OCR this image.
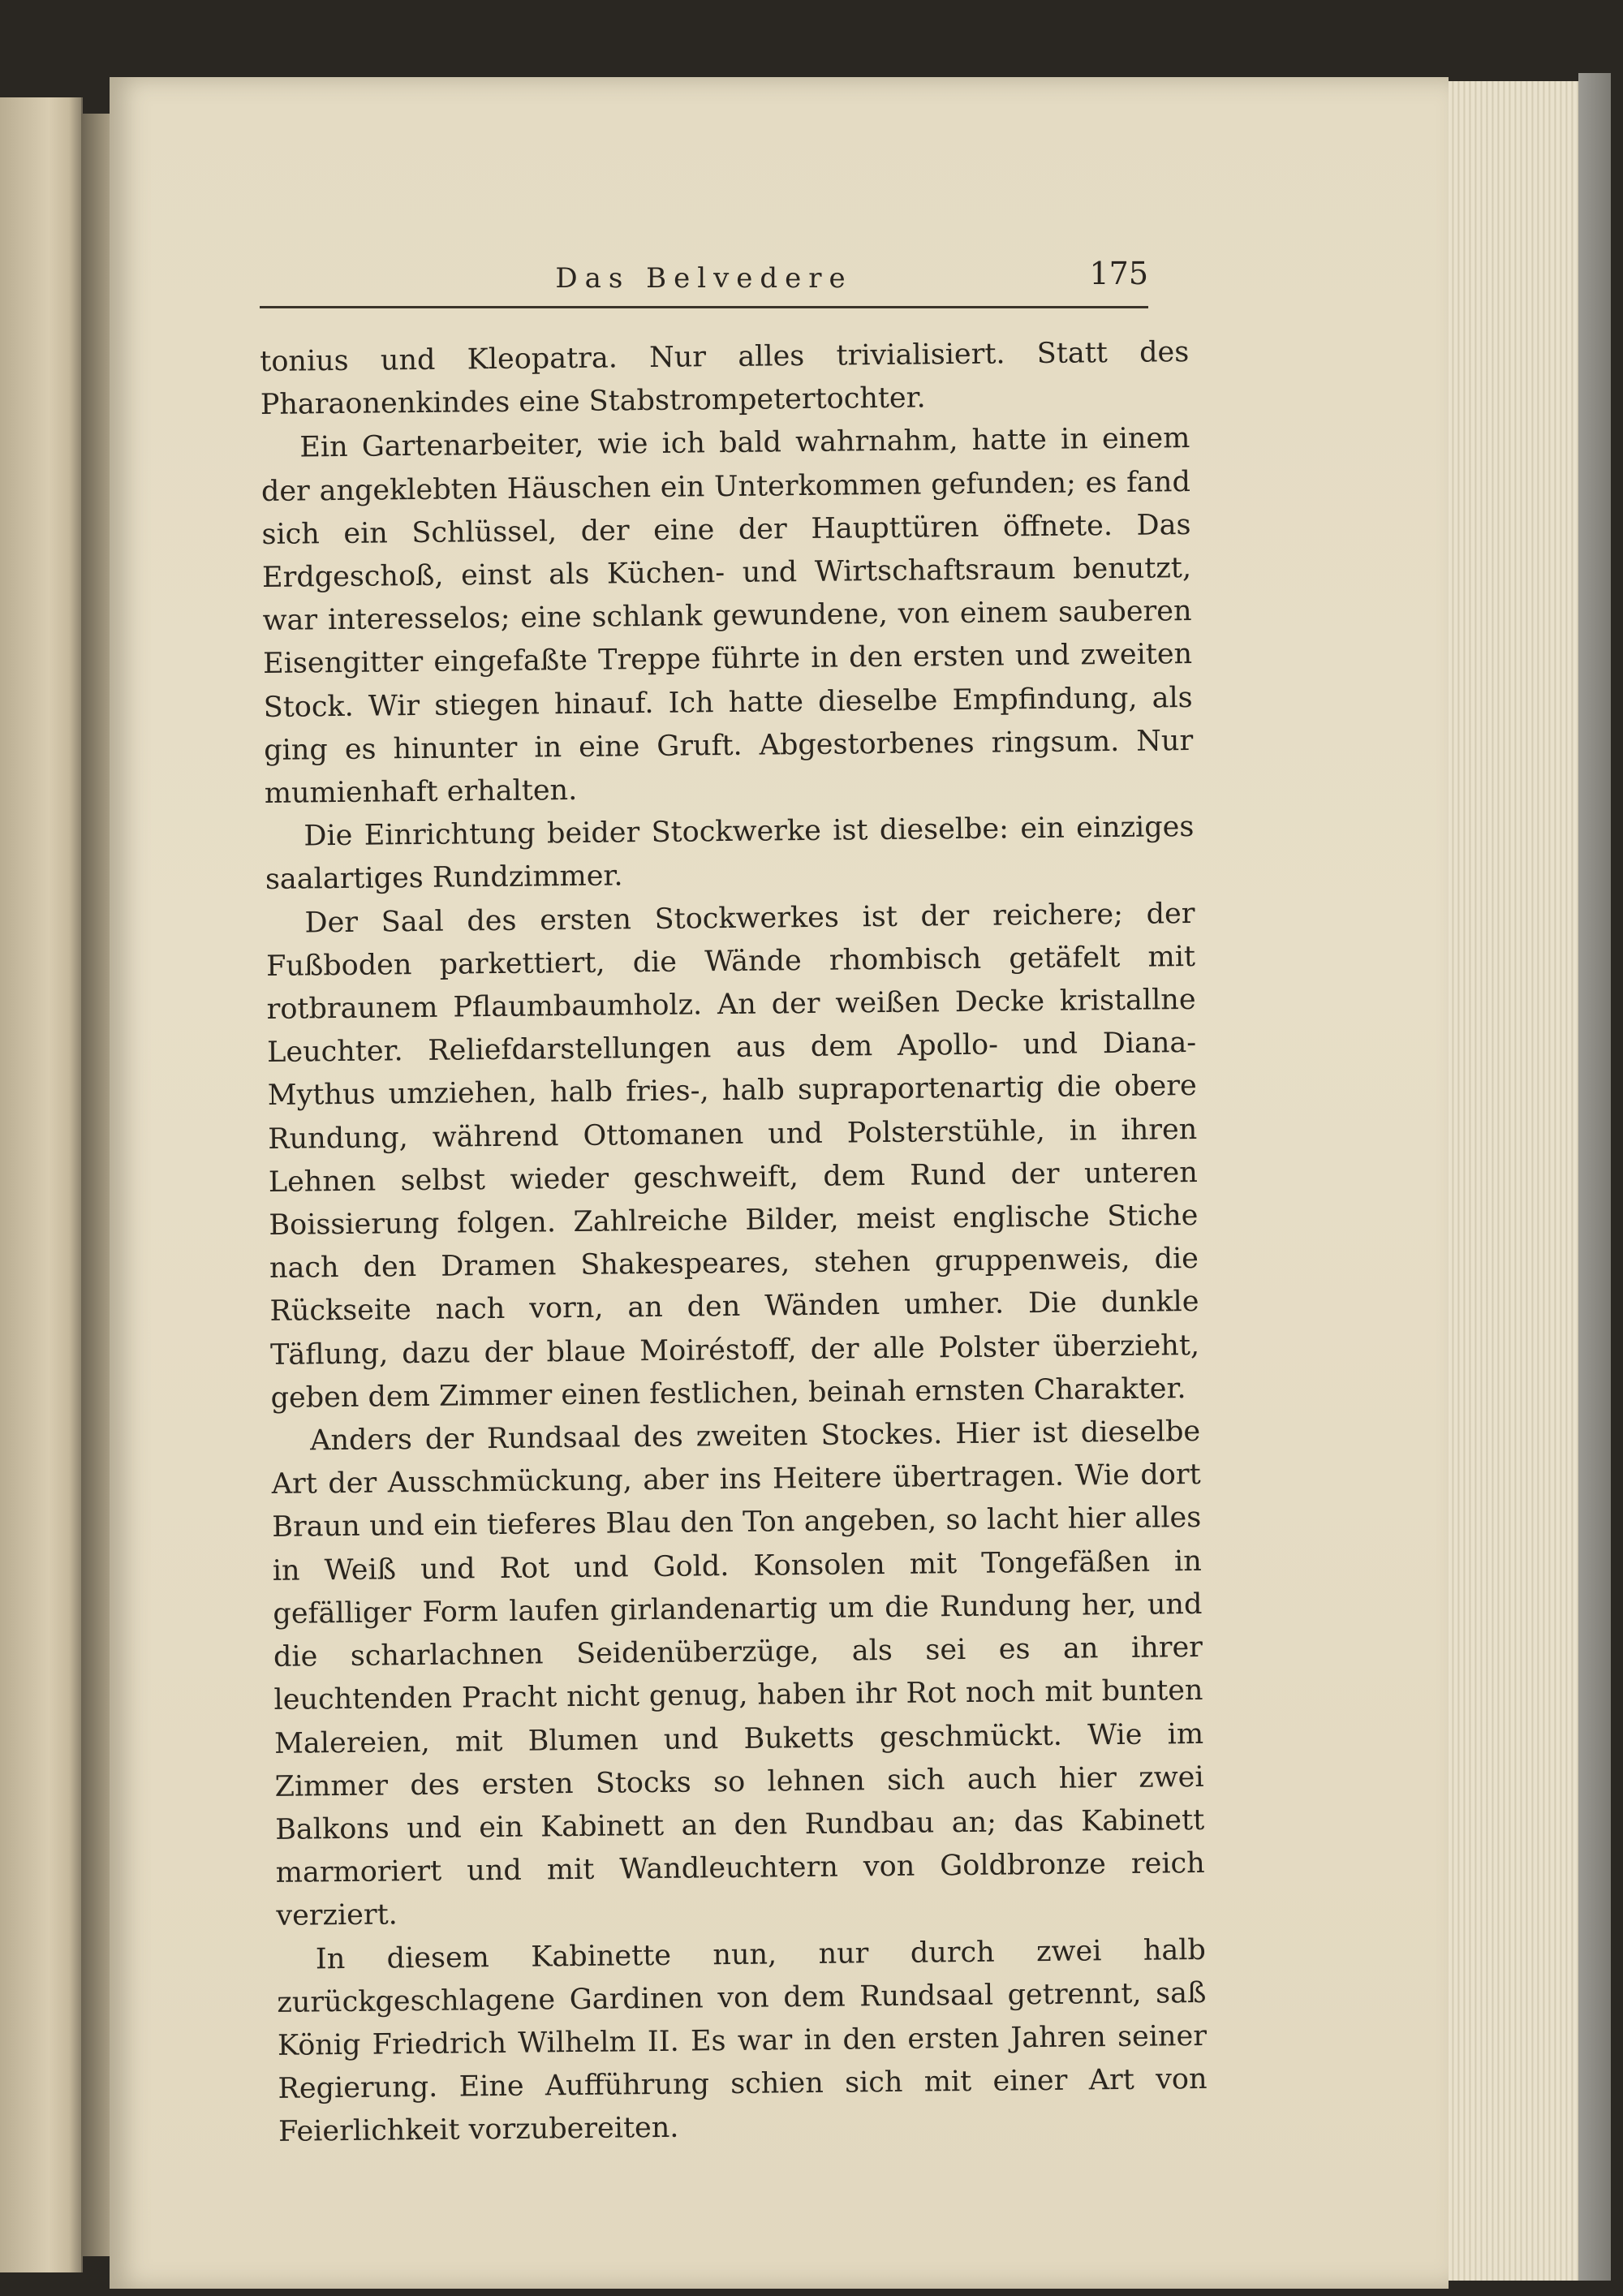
Das Belvedere	175

tonius und Kleopatra. Nur alles trivialisiert. Statt des Pharaonenkindes eine Stabstrompetertochter.

Ein Gartenarbeiter, wie ich bald wahrnahm, hatte in einem der angeklebten Häuschen ein Unterkommen gefunden; es fand sich ein Schlüssel, der eine der Haupttüren öffnete. Das Erdgeschoß, einst als Küchen- und Wirtschaftsraum benutzt, war interesselos; eine schlank gewundene, von einem sauberen Eisengitter eingefaßte Treppe führte in den ersten und zweiten Stock. Wir stiegen hinauf. Ich hatte dieselbe Empfindung, als ging es hinunter in eine Gruft. Abgestorbenes ringsum. Nur mumienhaft erhalten.

Die Einrichtung beider Stockwerke ist dieselbe: ein einziges saalartiges Rundzimmer.

Der Saal des ersten Stockwerkes ist der reichere; der Fußboden parkettiert, die Wände rhombisch getäfelt mit rotbraunem Pflaumbaumholz. An der weißen Decke kristallne Leuchter. Reliefdarstellungen aus dem Apollo- und Diana-Mythus umziehen, halb fries-, halb supraportenartig die obere Rundung, während Ottomanen und Polsterstühle, in ihren Lehnen selbst wieder geschweift, dem Rund der unteren Boissierung folgen. Zahlreiche Bilder, meist englische Stiche nach den Dramen Shakespeares, stehen gruppenweis, die Rückseite nach vorn, an den Wänden umher. Die dunkle Täflung, dazu der blaue Moiréstoff, der alle Polster überzieht, geben dem Zimmer einen festlichen, beinah ernsten Charakter.

Anders der Rundsaal des zweiten Stockes. Hier ist dieselbe Art der Ausschmückung, aber ins Heitere übertragen. Wie dort Braun und ein tieferes Blau den Ton angeben, so lacht hier alles in Weiß und Rot und Gold. Konsolen mit Tongefäßen in gefälliger Form laufen girlandenartig um die Rundung her, und die scharlachnen Seidenüberzüge, als sei es an ihrer leuchtenden Pracht nicht genug, haben ihr Rot noch mit bunten Malereien, mit Blumen und Buketts geschmückt. Wie im Zimmer des ersten Stocks so lehnen sich auch hier zwei Balkons und ein Kabinett an den Rundbau an; das Kabinett marmoriert und mit Wandleuchtern von Goldbronze reich verziert.

In diesem Kabinette nun, nur durch zwei halb zurückgeschlagene Gardinen von dem Rundsaal getrennt, saß König Friedrich Wilhelm II. Es war in den ersten Jahren seiner Regierung. Eine Aufführung schien sich mit einer Art von Feierlichkeit vorzubereiten.
